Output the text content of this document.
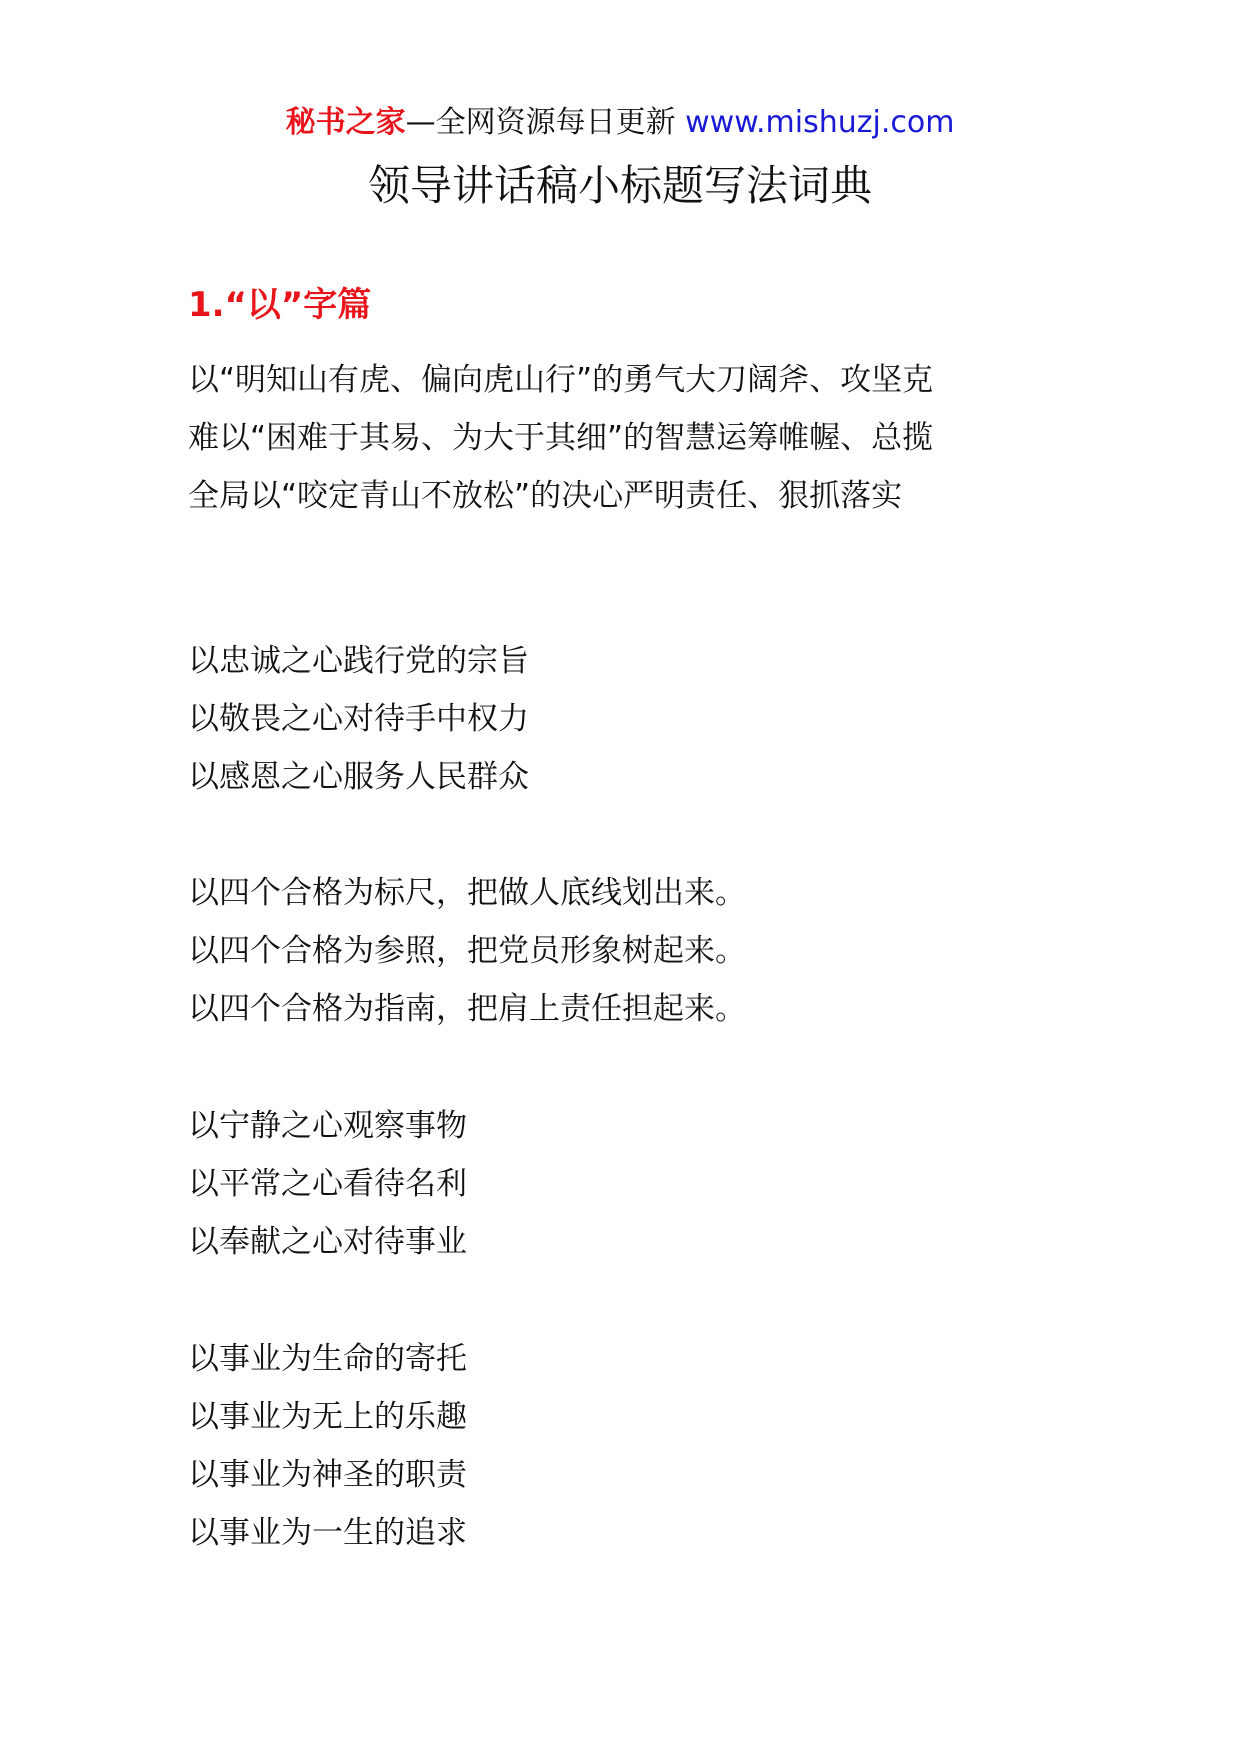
秘书之家—全网资源每日更新 www.mishuzj.com
领导讲话稿小标题写法词典
1.“以”字篇
以“明知山有虎、偏向虎山行”的勇气大刀阔斧、攻坚克
难以“困难于其易、为大于其细”的智慧运筹帷幄、总揽
全局以“咬定青山不放松”的决心严明责任、狠抓落实
以忠诚之心践行党的宗旨
以敬畏之心对待手中权力
以感恩之心服务人民群众
以四个合格为标尺，把做人底线划出来。
以四个合格为参照，把党员形象树起来。
以四个合格为指南，把肩上责任担起来。
以宁静之心观察事物
以平常之心看待名利
以奉献之心对待事业
以事业为生命的寄托
以事业为无上的乐趣
以事业为神圣的职责
以事业为一生的追求
